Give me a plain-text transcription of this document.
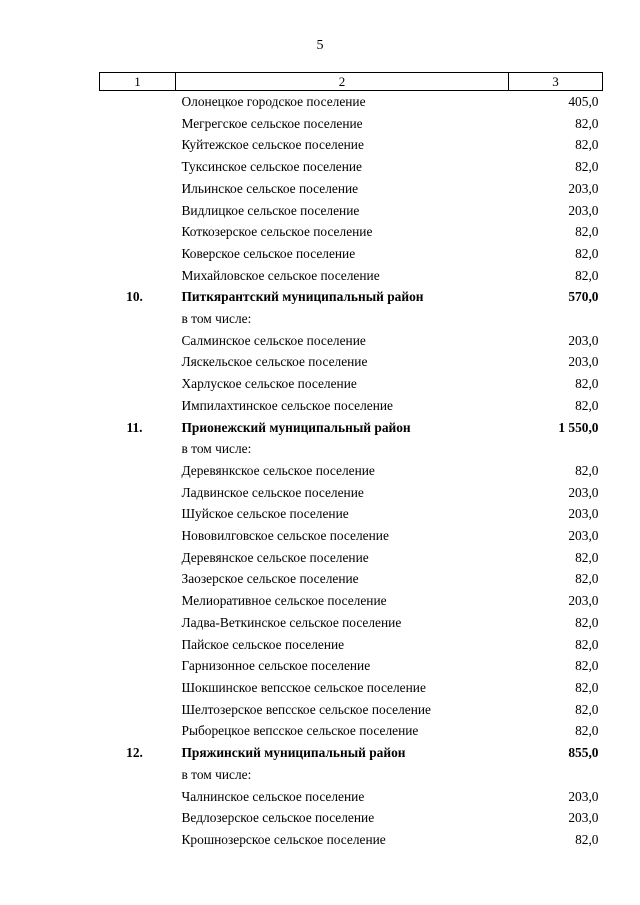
5
1	2	3
	Олонецкое городское поселение	405,0
	Мегрегское сельское поселение	82,0
	Куйтежское сельское поселение	82,0
	Туксинское сельское поселение	82,0
	Ильинское сельское поселение	203,0
	Видлицкое сельское поселение	203,0
	Коткозерское сельское поселение	82,0
	Коверское сельское поселение	82,0
	Михайловское сельское поселение	82,0
10.	Питкярантский муниципальный район	570,0
	в том числе:	
	Салминское сельское поселение	203,0
	Ляскельское сельское поселение	203,0
	Харлуское сельское поселение	82,0
	Импилахтинское сельское поселение	82,0
11.	Прионежский муниципальный район	1 550,0
	в том числе:	
	Деревянкское сельское поселение	82,0
	Ладвинское сельское поселение	203,0
	Шуйское сельское поселение	203,0
	Нововилговское сельское поселение	203,0
	Деревянское сельское поселение	82,0
	Заозерское сельское поселение	82,0
	Мелиоративное сельское поселение	203,0
	Ладва-Веткинское сельское поселение	82,0
	Пайское сельское поселение	82,0
	Гарнизонное сельское поселение	82,0
	Шокшинское вепсское сельское поселение	82,0
	Шелтозерское вепсское сельское поселение	82,0
	Рыборецкое вепсское сельское поселение	82,0
12.	Пряжинский муниципальный район	855,0
	в том числе:	
	Чалнинское сельское поселение	203,0
	Ведлозерское сельское поселение	203,0
	Крошнозерское сельское поселение	82,0
